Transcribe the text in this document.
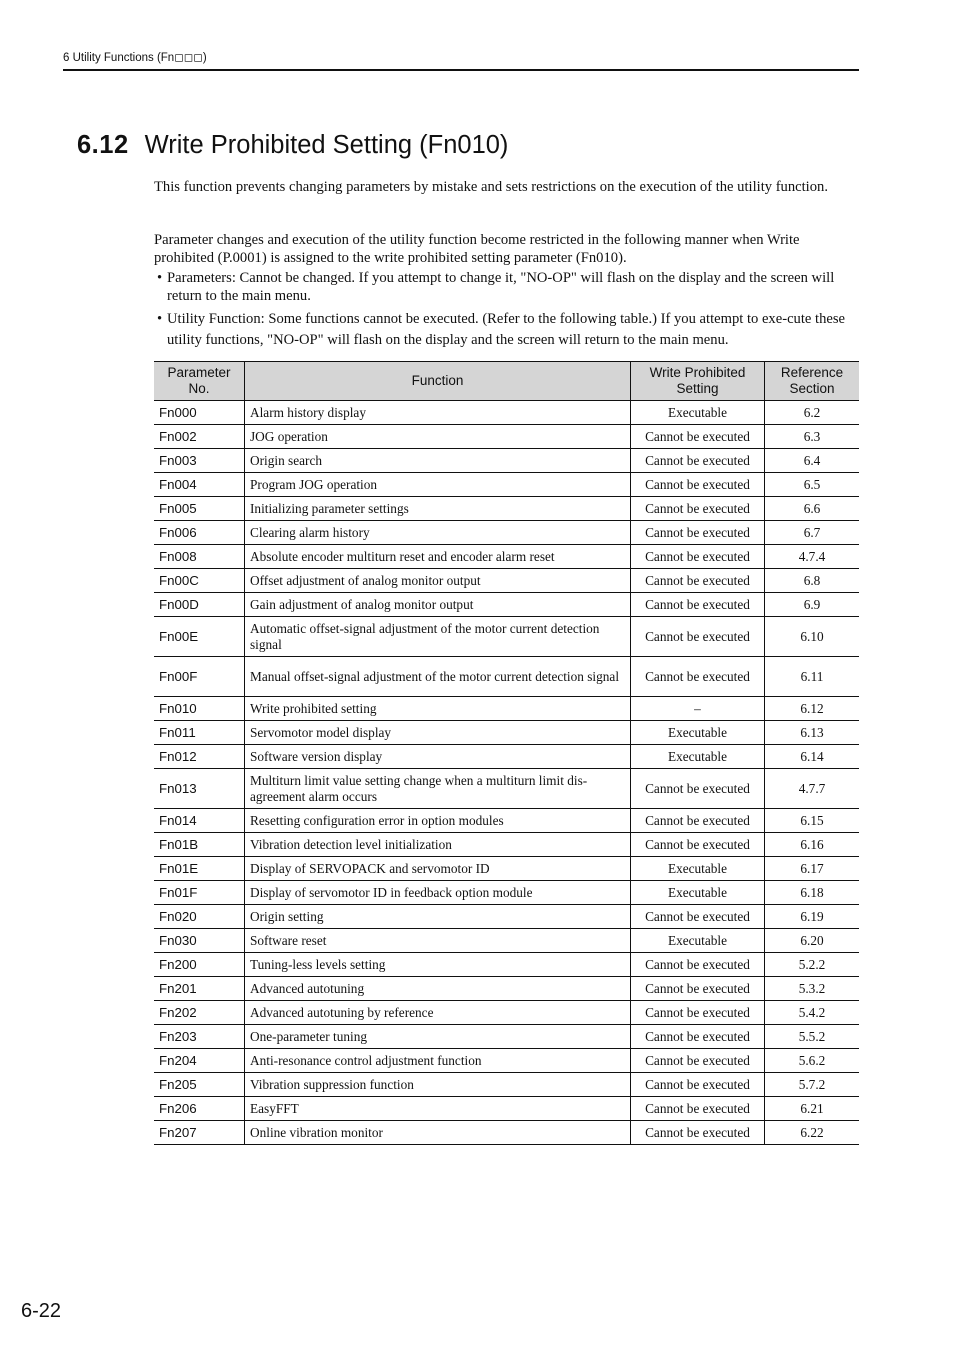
6 Utility Functions (Fn◻◻◻)
6.12 Write Prohibited Setting (Fn010)
This function prevents changing parameters by mistake and sets restrictions on the execution of the utility function.
Parameter changes and execution of the utility function become restricted in the following manner when Write prohibited (P.0001) is assigned to the write prohibited setting parameter (Fn010).
• Parameters: Cannot be changed. If you attempt to change it, "NO-OP" will flash on the display and the screen will return to the main menu.
• Utility Function: Some functions cannot be executed. (Refer to the following table.) If you attempt to exe-cute these utility functions, "NO-OP" will flash on the display and the screen will return to the main menu.
Parameter No.	Function	Write Prohibited Setting	Reference Section
Fn000	Alarm history display	Executable	6.2
Fn002	JOG operation	Cannot be executed	6.3
Fn003	Origin search	Cannot be executed	6.4
Fn004	Program JOG operation	Cannot be executed	6.5
Fn005	Initializing parameter settings	Cannot be executed	6.6
Fn006	Clearing alarm history	Cannot be executed	6.7
Fn008	Absolute encoder multiturn reset and encoder alarm reset	Cannot be executed	4.7.4
Fn00C	Offset adjustment of analog monitor output	Cannot be executed	6.8
Fn00D	Gain adjustment of analog monitor output	Cannot be executed	6.9
Fn00E	Automatic offset-signal adjustment of the motor current detection signal	Cannot be executed	6.10
Fn00F	Manual offset-signal adjustment of the motor current detection signal	Cannot be executed	6.11
Fn010	Write prohibited setting	–	6.12
Fn011	Servomotor model display	Executable	6.13
Fn012	Software version display	Executable	6.14
Fn013	Multiturn limit value setting change when a multiturn limit dis-agreement alarm occurs	Cannot be executed	4.7.7
Fn014	Resetting configuration error in option modules	Cannot be executed	6.15
Fn01B	Vibration detection level initialization	Cannot be executed	6.16
Fn01E	Display of SERVOPACK and servomotor ID	Executable	6.17
Fn01F	Display of servomotor ID in feedback option module	Executable	6.18
Fn020	Origin setting	Cannot be executed	6.19
Fn030	Software reset	Executable	6.20
Fn200	Tuning-less levels setting	Cannot be executed	5.2.2
Fn201	Advanced autotuning	Cannot be executed	5.3.2
Fn202	Advanced autotuning by reference	Cannot be executed	5.4.2
Fn203	One-parameter tuning	Cannot be executed	5.5.2
Fn204	Anti-resonance control adjustment function	Cannot be executed	5.6.2
Fn205	Vibration suppression function	Cannot be executed	5.7.2
Fn206	EasyFFT	Cannot be executed	6.21
Fn207	Online vibration monitor	Cannot be executed	6.22
6-22
